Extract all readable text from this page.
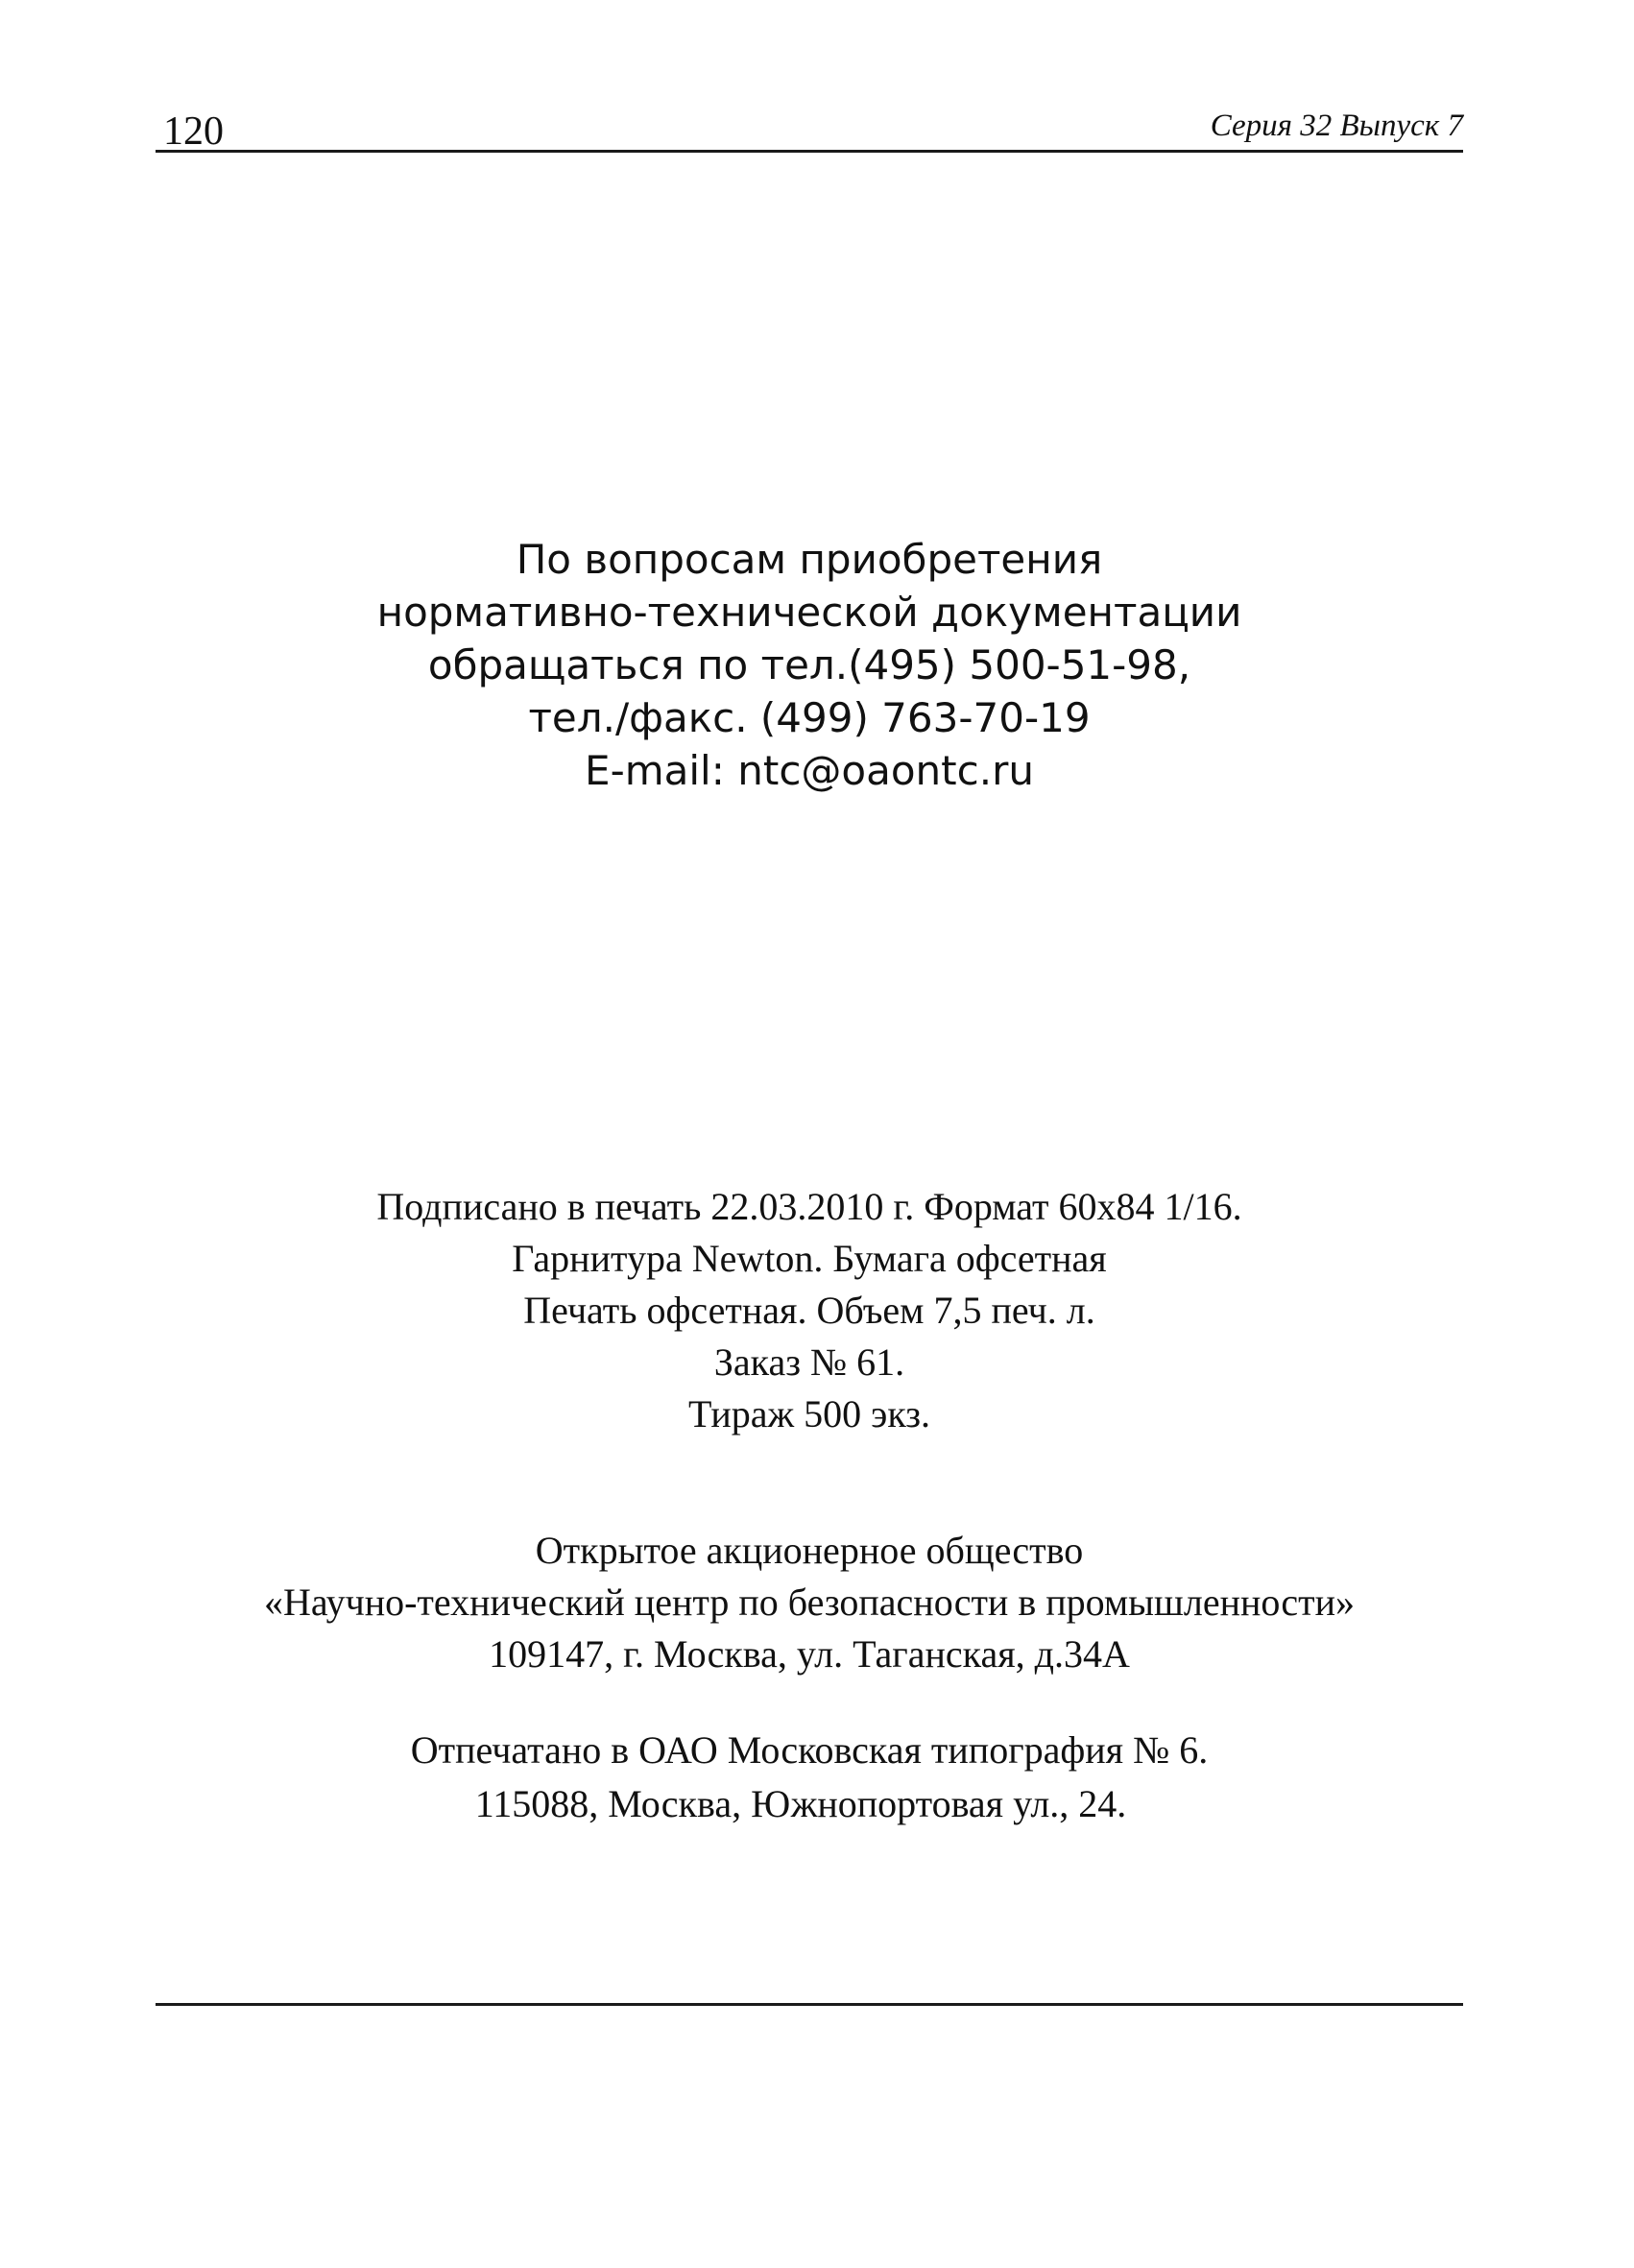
120	Серия 32 Выпуск 7
По вопросам приобретения
нормативно-технической документации
обращаться по тел.(495) 500-51-98,
тел./факс. (499) 763-70-19
E-mail: ntc@oaontc.ru
Подписано в печать 22.03.2010 г. Формат 60x84 1/16.
Гарнитура Newton. Бумага офсетная
Печать офсетная. Объем 7,5 печ. л.
Заказ № 61.
Тираж 500 экз.
Открытое акционерное общество
«Научно-технический центр по безопасности в промышленности»
109147, г. Москва, ул. Таганская, д.34А
Отпечатано в ОАО Московская типография № 6.
115088, Москва, Южнопортовая ул., 24.
